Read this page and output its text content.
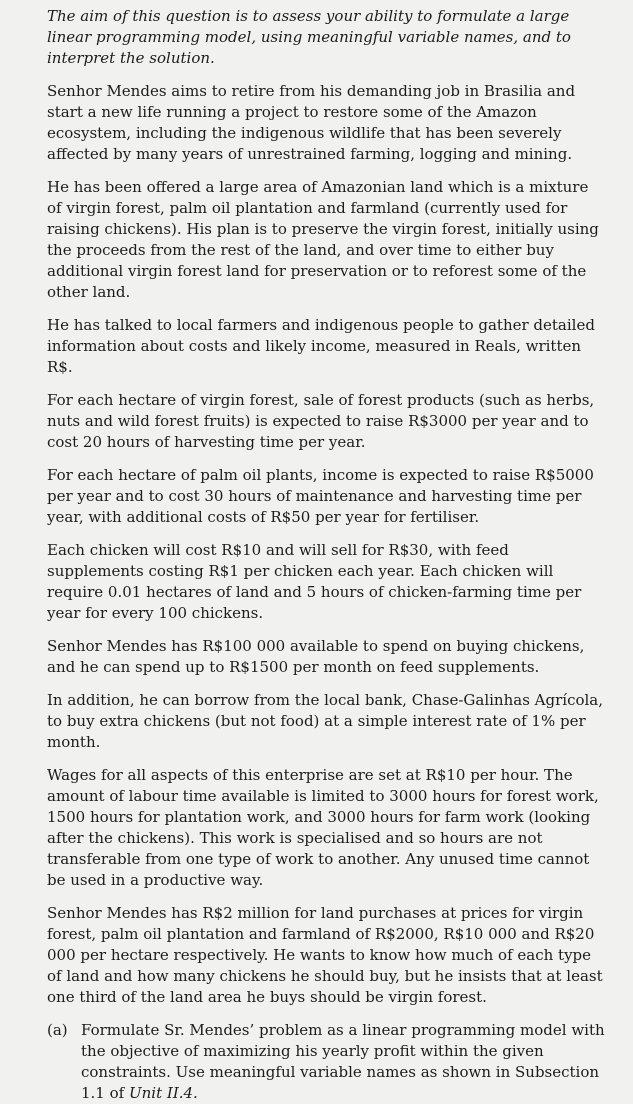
The aim of this question is to assess your ability to formulate a large linear programming model, using meaningful variable names, and to interpret the solution.

Senhor Mendes aims to retire from his demanding job in Brasilia and start a new life running a project to restore some of the Amazon ecosystem, including the indigenous wildlife that has been severely affected by many years of unrestrained farming, logging and mining.

He has been offered a large area of Amazonian land which is a mixture of virgin forest, palm oil plantation and farmland (currently used for raising chickens). His plan is to preserve the virgin forest, initially using the proceeds from the rest of the land, and over time to either buy additional virgin forest land for preservation or to reforest some of the other land.

He has talked to local farmers and indigenous people to gather detailed information about costs and likely income, measured in Reals, written R$.

For each hectare of virgin forest, sale of forest products (such as herbs, nuts and wild forest fruits) is expected to raise R$3000 per year and to cost 20 hours of harvesting time per year.

For each hectare of palm oil plants, income is expected to raise R$5000 per year and to cost 30 hours of maintenance and harvesting time per year, with additional costs of R$50 per year for fertiliser.

Each chicken will cost R$10 and will sell for R$30, with feed supplements costing R$1 per chicken each year. Each chicken will require 0.01 hectares of land and 5 hours of chicken-farming time per year for every 100 chickens.

Senhor Mendes has R$100 000 available to spend on buying chickens, and he can spend up to R$1500 per month on feed supplements.

In addition, he can borrow from the local bank, Chase-Galinhas Agrícola, to buy extra chickens (but not food) at a simple interest rate of 1% per month.

Wages for all aspects of this enterprise are set at R$10 per hour. The amount of labour time available is limited to 3000 hours for forest work, 1500 hours for plantation work, and 3000 hours for farm work (looking after the chickens). This work is specialised and so hours are not transferable from one type of work to another. Any unused time cannot be used in a productive way.

Senhor Mendes has R$2 million for land purchases at prices for virgin forest, palm oil plantation and farmland of R$2000, R$10 000 and R$20 000 per hectare respectively. He wants to know how much of each type of land and how many chickens he should buy, but he insists that at least one third of the land area he buys should be virgin forest.

(a) Formulate Sr. Mendes’ problem as a linear programming model with the objective of maximizing his yearly profit within the given constraints. Use meaningful variable names as shown in Subsection 1.1 of Unit II.4.
